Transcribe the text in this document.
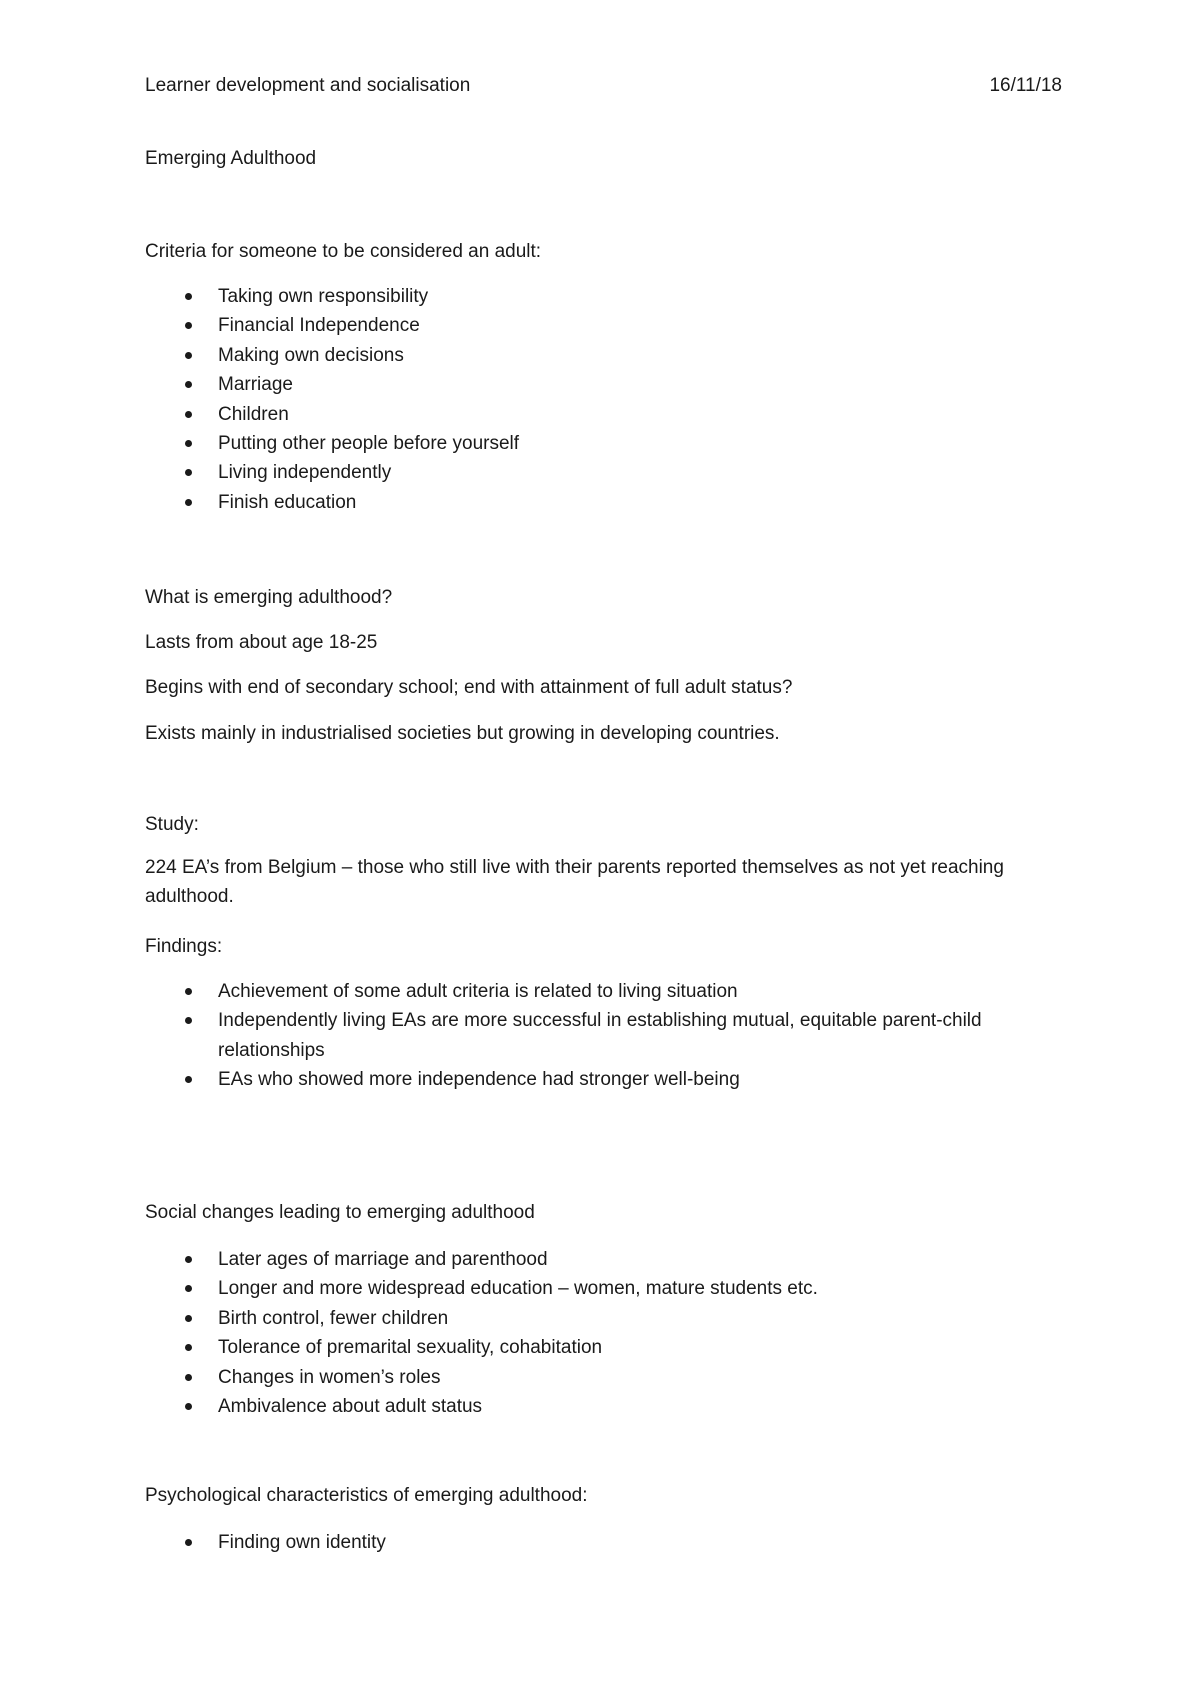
Learner development and socialisation	16/11/18
Emerging Adulthood
Criteria for someone to be considered an adult:
Taking own responsibility
Financial Independence
Making own decisions
Marriage
Children
Putting other people before yourself
Living independently
Finish education
What is emerging adulthood?
Lasts from about age 18-25
Begins with end of secondary school; end with attainment of full adult status?
Exists mainly in industrialised societies but growing in developing countries.
Study:
224 EA’s from Belgium – those who still live with their parents reported themselves as not yet reaching adulthood.
Findings:
Achievement of some adult criteria is related to living situation
Independently living EAs are more successful in establishing mutual, equitable parent-child relationships
EAs who showed more independence had stronger well-being
Social changes leading to emerging adulthood
Later ages of marriage and parenthood
Longer and more widespread education – women, mature students etc.
Birth control, fewer children
Tolerance of premarital sexuality, cohabitation
Changes in women’s roles
Ambivalence about adult status
Psychological characteristics of emerging adulthood:
Finding own identity
